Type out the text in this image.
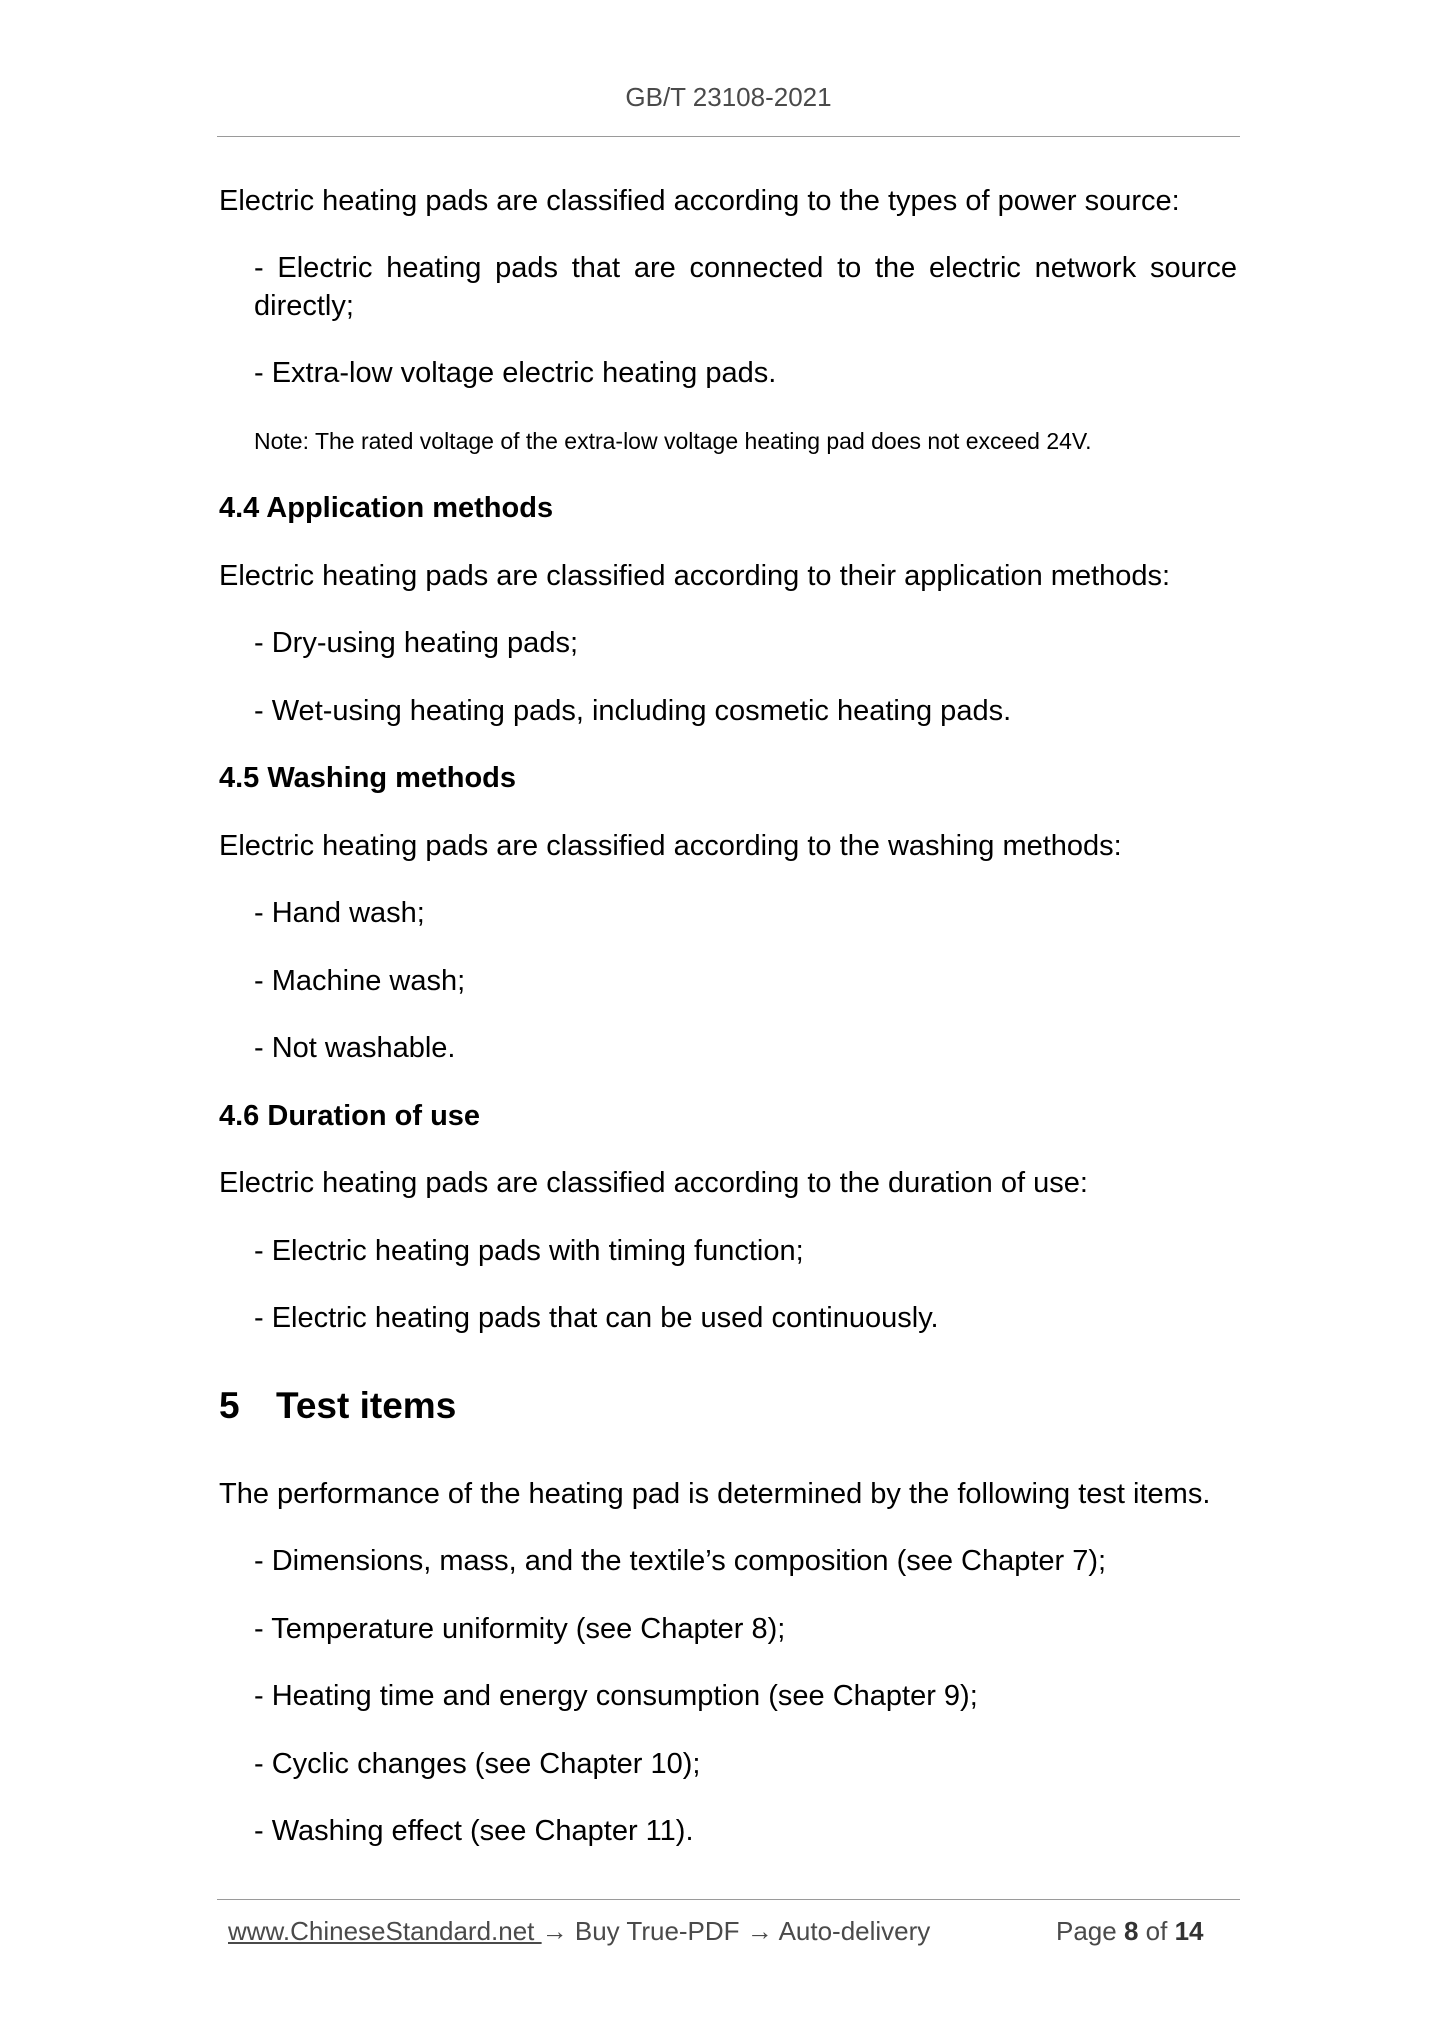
GB/T 23108-2021
Electric heating pads are classified according to the types of power source:
- Electric heating pads that are connected to the electric network source
directly;
- Extra-low voltage electric heating pads.
Note: The rated voltage of the extra-low voltage heating pad does not exceed 24V.
4.4 Application methods
Electric heating pads are classified according to their application methods:
- Dry-using heating pads;
- Wet-using heating pads, including cosmetic heating pads.
4.5 Washing methods
Electric heating pads are classified according to the washing methods:
- Hand wash;
- Machine wash;
- Not washable.
4.6 Duration of use
Electric heating pads are classified according to the duration of use:
- Electric heating pads with timing function;
- Electric heating pads that can be used continuously.
5 Test items
The performance of the heating pad is determined by the following test items.
- Dimensions, mass, and the textile’s composition (see Chapter 7);
- Temperature uniformity (see Chapter 8);
- Heating time and energy consumption (see Chapter 9);
- Cyclic changes (see Chapter 10);
- Washing effect (see Chapter 11).
www.ChineseStandard.net → Buy True-PDF → Auto-delivery	Page 8 of 14
